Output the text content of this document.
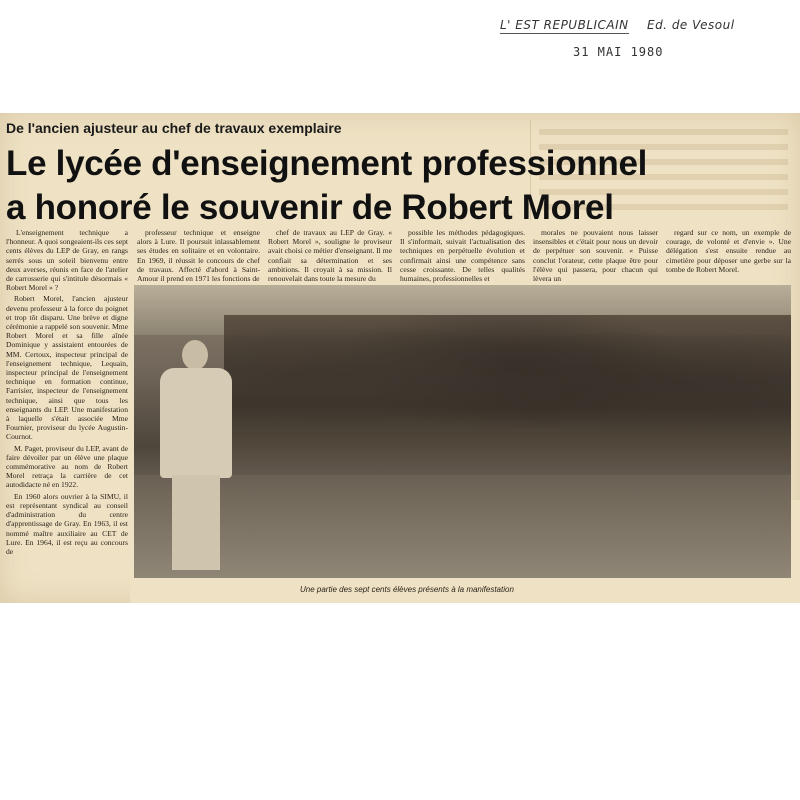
L' EST REPUBLICAIN Ed. de Vesoul
31 MAI 1980
De l'ancien ajusteur au chef de travaux exemplaire
Le lycée d'enseignement professionnel
a honoré le souvenir de Robert Morel

L'enseignement technique a l'honneur. A quoi songeaient-ils ces sept cents élèves du LEP de Gray, en rangs serrés sous un soleil bienvenu entre deux averses, réunis en face de l'atelier de carrosserie qui s'intitule désormais « Robert Morel » ?

Robert Morel, l'ancien ajusteur devenu professeur à la force du poignet et trop tôt disparu. Une brève et digne cérémonie a rappelé son souvenir. Mme Robert Morel et sa fille aînée Dominique y assistaient entourées de MM. Certoux, inspecteur principal de l'enseignement technique, Lequain, inspecteur principal de l'enseignement technique en formation continue, Farrisier, inspecteur de l'enseignement technique, ainsi que tous les enseignants du LEP. Une manifestation à laquelle s'était associée Mme Fournier, proviseur du lycée Augustin-Cournot.

M. Paget, proviseur du LEP, avant de faire dévoiler par un élève une plaque commémorative au nom de Robert Morel retraça la carrière de cet autodidacte né en 1922.

En 1960 alors ouvrier à la SIMU, il est représentant syndical au conseil d'administration du centre d'apprentissage de Gray. En 1963, il est nommé maître auxiliaire au CET de Lure. En 1964, il est reçu au concours de

professeur technique et enseigne alors à Lure. Il poursuit inlassablement ses études en solitaire et en volontaire. En 1969, il réussit le concours de chef de travaux. Affecté d'abord à Saint-Amour il prend en 1971 les fonctions de

chef de travaux au LEP de Gray. « Robert Morel », souligne le proviseur avait choisi ce métier d'enseignant. Il me confiait sa détermination et ses ambitions. Il croyait à sa mission. Il renouvelait dans toute la mesure du

possible les méthodes pédagogiques. Il s'informait, suivait l'actualisation des techniques en perpétuelle évolution et confirmait ainsi une compétence sans cesse croissante. De telles qualités humaines, professionnelles et

morales ne pouvaient nous laisser insensibles et c'était pour nous un devoir de perpétuer son souvenir. « Puisse conclut l'orateur, cette plaque être pour l'élève qui passera, pour chacun qui lèvera un

regard sur ce nom, un exemple de courage, de volonté et d'envie ». Une délégation s'est ensuite rendue au cimetière pour déposer une gerbe sur la tombe de Robert Morel.

Une partie des sept cents élèves présents à la manifestation
